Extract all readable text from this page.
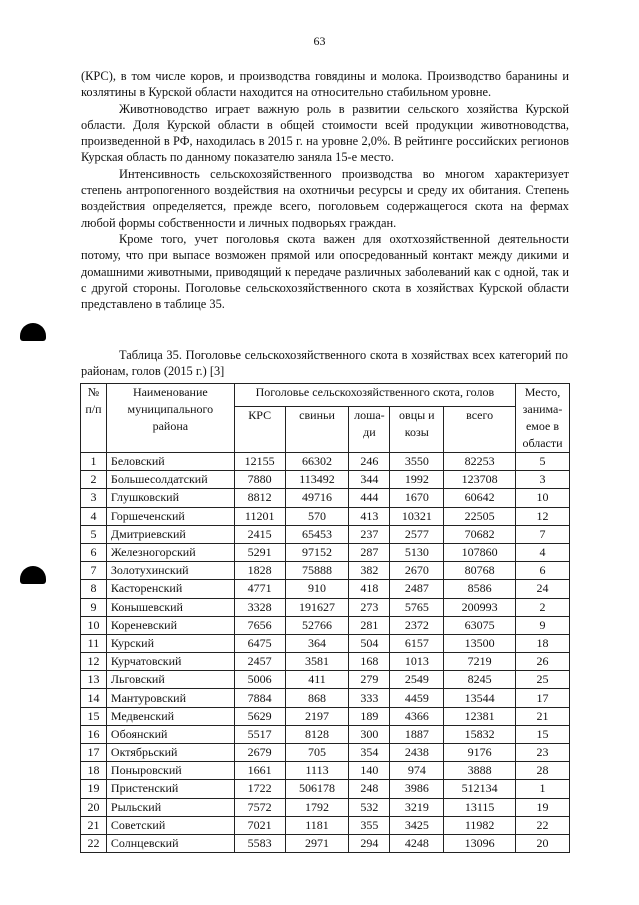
63

(КРС), в том числе коров, и производства говядины и молока. Производство баранины и козлятины в Курской области находится на относительно стабильном уровне.

Животноводство играет важную роль в развитии сельского хозяйства Курской области. Доля Курской области в общей стоимости всей продукции животноводства, произведенной в РФ, находилась в 2015 г. на уровне 2,0%. В рейтинге российских регионов Курская область по данному показателю заняла 15-е место.

Интенсивность сельскохозяйственного производства во многом характеризует степень антропогенного воздействия на охотничьи ресурсы и среду их обитания. Степень воздействия определяется, прежде всего, поголовьем содержащегося скота на фермах любой формы собственности и личных подворьях граждан.

Кроме того, учет поголовья скота важен для охотхозяйственной деятельности потому, что при выпасе возможен прямой или опосредованный контакт между дикими и домашними животными, приводящий к передаче различных заболеваний как с одной, так и с другой стороны. Поголовье сельскохозяйственного скота в хозяйствах Курской области представлено в таблице 35.

Таблица 35. Поголовье сельскохозяйственного скота в хозяйствах всех категорий по районам, голов (2015 г.) [3]
№ п/п	Наименование муниципального района	Поголовье сельскохозяйственного скота, голов					Место, занима-емое в области
		КРС	свиньи	лоша-ди	овцы и козы	всего	
1	Беловский	12155	66302	246	3550	82253	5
2	Большесолдатский	7880	113492	344	1992	123708	3
3	Глушковский	8812	49716	444	1670	60642	10
4	Горшеченский	11201	570	413	10321	22505	12
5	Дмитриевский	2415	65453	237	2577	70682	7
6	Железногорский	5291	97152	287	5130	107860	4
7	Золотухинский	1828	75888	382	2670	80768	6
8	Касторенский	4771	910	418	2487	8586	24
9	Конышевский	3328	191627	273	5765	200993	2
10	Кореневский	7656	52766	281	2372	63075	9
11	Курский	6475	364	504	6157	13500	18
12	Курчатовский	2457	3581	168	1013	7219	26
13	Льговский	5006	411	279	2549	8245	25
14	Мантуровский	7884	868	333	4459	13544	17
15	Медвенский	5629	2197	189	4366	12381	21
16	Обоянский	5517	8128	300	1887	15832	15
17	Октябрьский	2679	705	354	2438	9176	23
18	Поныровский	1661	1113	140	974	3888	28
19	Пристенский	1722	506178	248	3986	512134	1
20	Рыльский	7572	1792	532	3219	13115	19
21	Советский	7021	1181	355	3425	11982	22
22	Солнцевский	5583	2971	294	4248	13096	20
